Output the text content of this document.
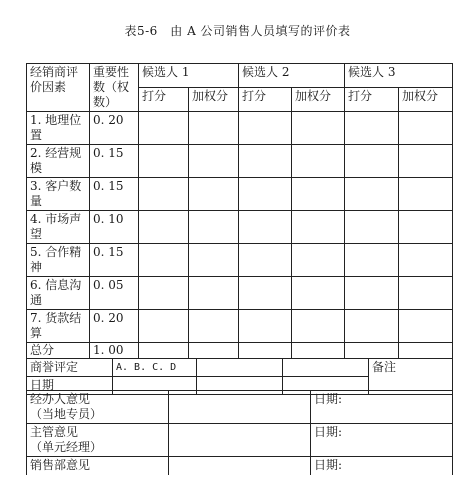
表5-6　由 A 公司销售人员填写的评价表
经销商评价因素	重要性数（权数）	候选人 1		候选人 2		候选人 3	
		打分	加权分	打分	加权分	打分	加权分
1. 地理位置	0. 20						
2. 经营规模	0. 15						
3. 客户数量	0. 15						
4. 市场声望	0. 10						
5. 合作精神	0. 15						
6. 信息沟通	0. 05						
7. 货款结算	0. 20						
总分	1. 00						
商誉评定	A. B. C. D			备注
日期				
经办人意见
（当地专员）		日期:

主管意见
（单元经理）		日期:

销售部意见		日期:
